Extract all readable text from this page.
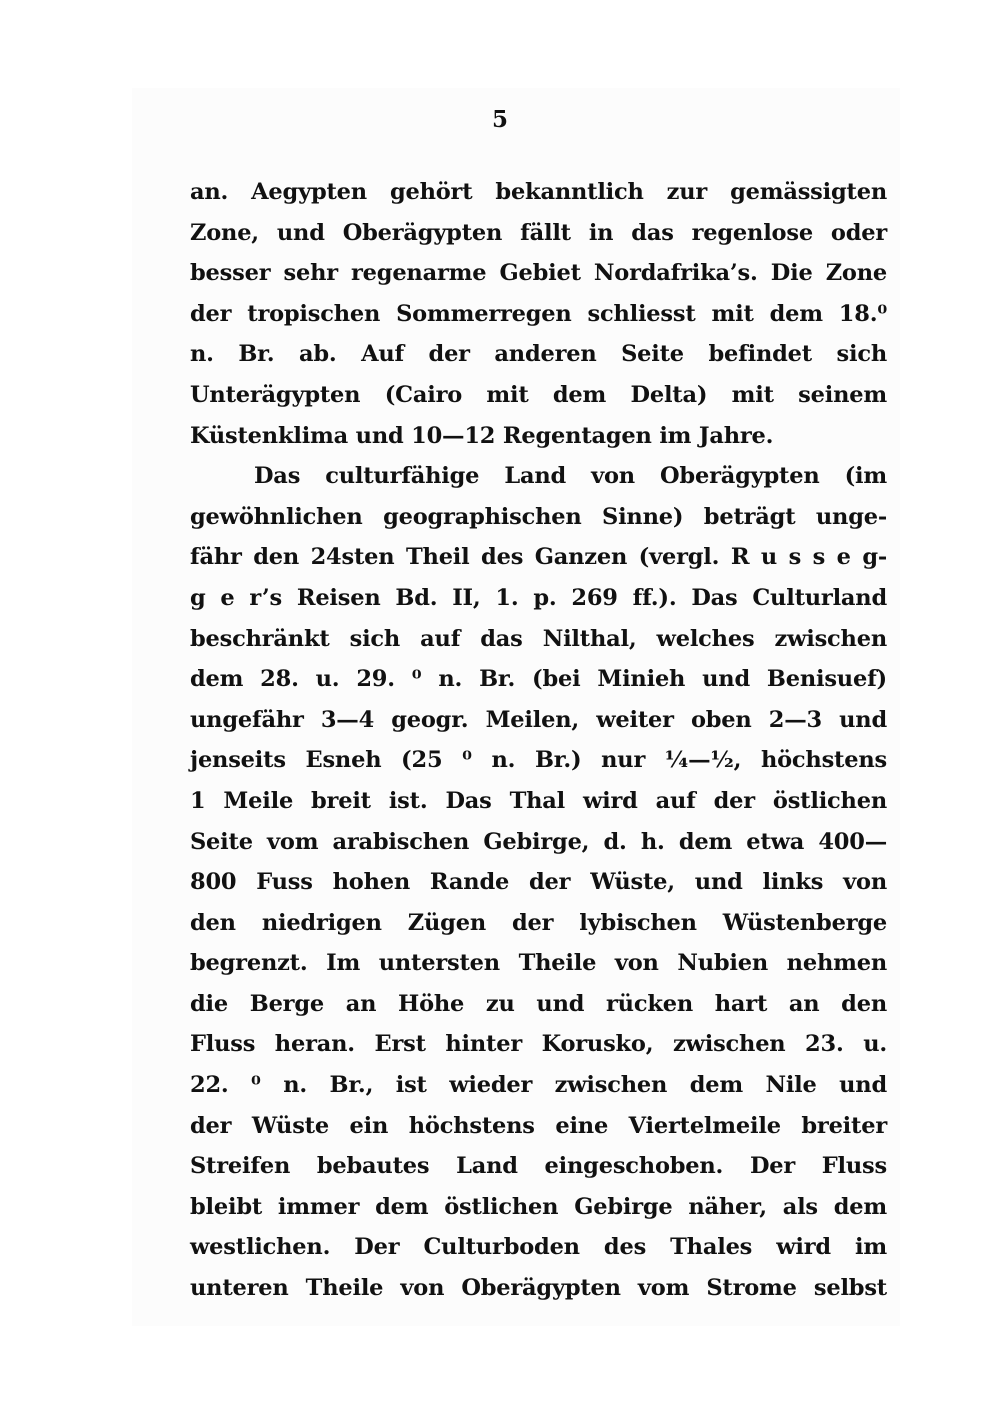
5
an. Aegypten gehört bekanntlich zur gemässigten
Zone, und Oberägypten fällt in das regenlose oder
besser sehr regenarme Gebiet Nordafrika’s. Die Zone
der tropischen Sommerregen schliesst mit dem 18.⁰
n. Br. ab. Auf der anderen Seite befindet sich
Unterägypten (Cairo mit dem Delta) mit seinem
Küstenklima und 10—12 Regentagen im Jahre.
Das culturfähige Land von Oberägypten (im
gewöhnlichen geographischen Sinne) beträgt unge-
fähr den 24sten Theil des Ganzen (vergl. R u s s e g-
g e r’s Reisen Bd. II, 1. p. 269 ff.). Das Culturland
beschränkt sich auf das Nilthal, welches zwischen
dem 28. u. 29. ⁰ n. Br. (bei Minieh und Benisuef)
ungefähr 3—4 geogr. Meilen, weiter oben 2—3 und
jenseits Esneh (25 ⁰ n. Br.) nur ¼—½, höchstens
1 Meile breit ist. Das Thal wird auf der östlichen
Seite vom arabischen Gebirge, d. h. dem etwa 400—
800 Fuss hohen Rande der Wüste, und links von
den niedrigen Zügen der lybischen Wüstenberge
begrenzt. Im untersten Theile von Nubien nehmen
die Berge an Höhe zu und rücken hart an den
Fluss heran. Erst hinter Korusko, zwischen 23. u.
22. ⁰ n. Br., ist wieder zwischen dem Nile und
der Wüste ein höchstens eine Viertelmeile breiter
Streifen bebautes Land eingeschoben. Der Fluss
bleibt immer dem östlichen Gebirge näher, als dem
westlichen. Der Culturboden des Thales wird im
unteren Theile von Oberägypten vom Strome selbst
